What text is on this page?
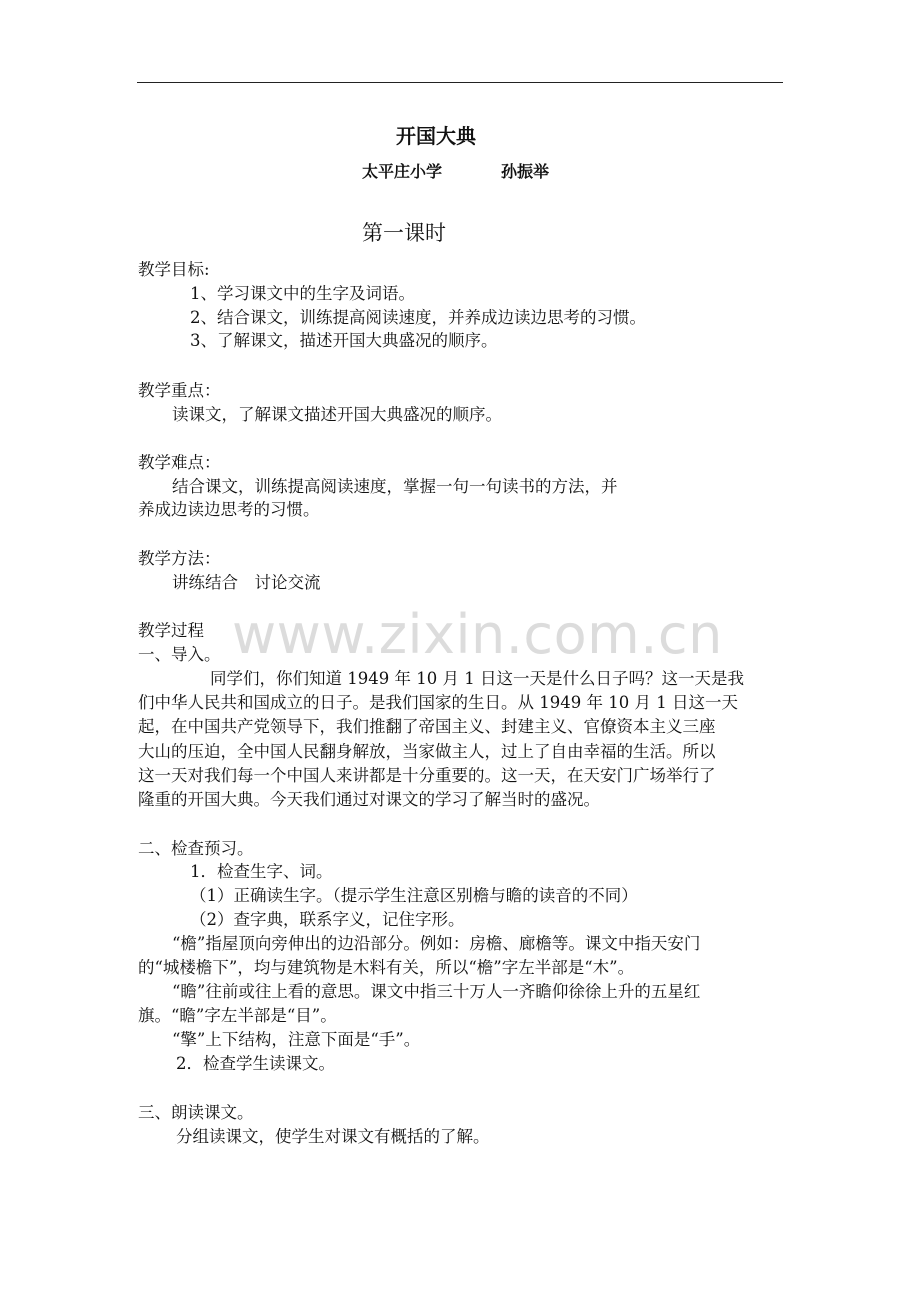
开国大典
太平庄小学	孙振举
第一课时
教学目标:
1、学习课文中的生字及词语。
2、结合课文，训练提高阅读速度，并养成边读边思考的习惯。
3、了解课文，描述开国大典盛况的顺序。
教学重点：
读课文，了解课文描述开国大典盛况的顺序。
教学难点：
结合课文，训练提高阅读速度，掌握一句一句读书的方法，并
养成边读边思考的习惯。
教学方法：
讲练结合　讨论交流
www.zixin.com.cn
教学过程
一、导入。
同学们，你们知道 1949 年 10 月 1 日这一天是什么日子吗？这一天是我
们中华人民共和国成立的日子。是我们国家的生日。从 1949 年 10 月 1 日这一天
起，在中国共产党领导下，我们推翻了帝国主义、封建主义、官僚资本主义三座
大山的压迫，全中国人民翻身解放，当家做主人，过上了自由幸福的生活。所以
这一天对我们每一个中国人来讲都是十分重要的。这一天，在天安门广场举行了
隆重的开国大典。今天我们通过对课文的学习了解当时的盛况。
二、检查预习。
1．检查生字、词。
（1）正确读生字。（提示学生注意区别檐与瞻的读音的不同）
（2）查字典，联系字义，记住字形。
“檐”指屋顶向旁伸出的边沿部分。例如：房檐、廊檐等。课文中指天安门
的“城楼檐下”，均与建筑物是木料有关，所以“檐”字左半部是“木”。
“瞻”往前或往上看的意思。课文中指三十万人一齐瞻仰徐徐上升的五星红
旗。“瞻”字左半部是“目”。
“擎”上下结构，注意下面是“手”。
2．检查学生读课文。
三、朗读课文。
分组读课文，使学生对课文有概括的了解。
